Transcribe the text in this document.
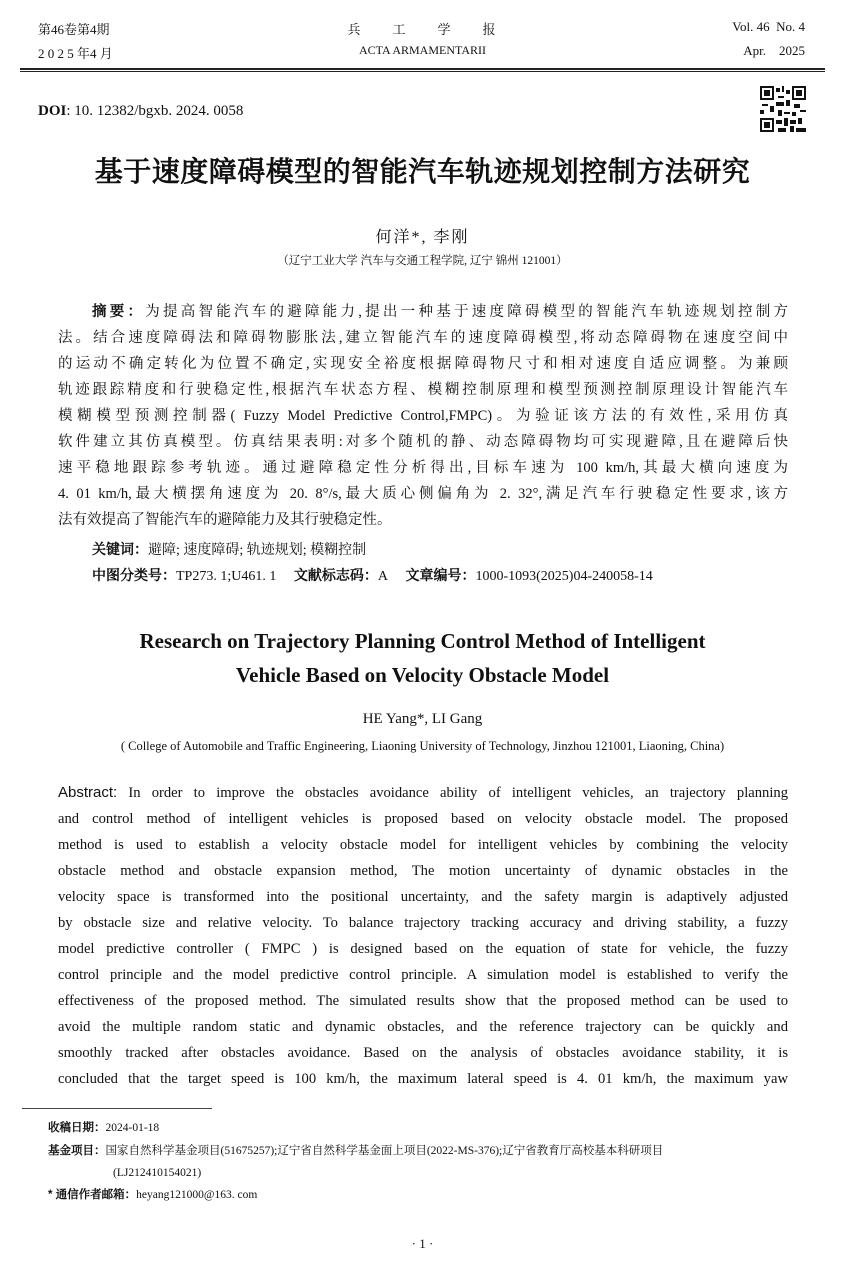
第46卷第4期
2 0 2 5 年4 月
兵　　工　　学　　报
ACTA ARMAMENTARII
Vol. 46  No. 4
Apr.    2025
DOI: 10. 12382/bgxb. 2024. 0058
基于速度障碍模型的智能汽车轨迹规划控制方法研究
何洋*, 李刚
（辽宁工业大学 汽车与交通工程学院, 辽宁 锦州 121001）
摘要：为提高智能汽车的避障能力,提出一种基于速度障碍模型的智能汽车轨迹规划控制方
法。结合速度障碍法和障碍物膨胀法,建立智能汽车的速度障碍模型,将动态障碍物在速度空间中
的运动不确定转化为位置不确定,实现安全裕度根据障碍物尺寸和相对速度自适应调整。为兼顾
轨迹跟踪精度和行驶稳定性,根据汽车状态方程、模糊控制原理和模型预测控制原理设计智能汽车
模糊模型预测控制器( Fuzzy Model Predictive Control,FMPC)。为验证该方法的有效性,采用仿真
软件建立其仿真模型。仿真结果表明:对多个随机的静、动态障碍物均可实现避障,且在避障后快
速平稳地跟踪参考轨迹。通过避障稳定性分析得出,目标车速为 100 km/h,其最大横向速度为
4. 01 km/h,最大横摆角速度为 20. 8°/s,最大质心侧偏角为 2. 32°,满足汽车行驶稳定性要求,该方
法有效提高了智能汽车的避障能力及其行驶稳定性。
关键词：避障; 速度障碍; 轨迹规划; 模糊控制
中图分类号：TP273. 1;U461. 1 文献标志码：A 文章编号：1000-1093(2025)04-240058-14
Research on Trajectory Planning Control Method of Intelligent
Vehicle Based on Velocity Obstacle Model
HE Yang*, LI Gang
( College of Automobile and Traffic Engineering, Liaoning University of Technology, Jinzhou 121001, Liaoning, China)
Abstract: In order to improve the obstacles avoidance ability of intelligent vehicles, an trajectory planning
and control method of intelligent vehicles is proposed based on velocity obstacle model. The proposed
method is used to establish a velocity obstacle model for intelligent vehicles by combining the velocity
obstacle method and obstacle expansion method, The motion uncertainty of dynamic obstacles in the
velocity space is transformed into the positional uncertainty, and the safety margin is adaptively adjusted
by obstacle size and relative velocity. To balance trajectory tracking accuracy and driving stability, a fuzzy
model predictive controller ( FMPC ) is designed based on the equation of state for vehicle, the fuzzy
control principle and the model predictive control principle. A simulation model is established to verify the
effectiveness of the proposed method. The simulated results show that the proposed method can be used to
avoid the multiple random static and dynamic obstacles, and the reference trajectory can be quickly and
smoothly tracked after obstacles avoidance. Based on the analysis of obstacles avoidance stability, it is
concluded that the target speed is 100 km/h, the maximum lateral speed is 4. 01 km/h, the maximum yaw
收稿日期：2024-01-18
基金项目：国家自然科学基金项目(51675257);辽宁省自然科学基金面上项目(2022-MS-376);辽宁省教育厅高校基本科研项目
(LJ212410154021)
* 通信作者邮箱：heyang121000@163. com
· 1 ·
